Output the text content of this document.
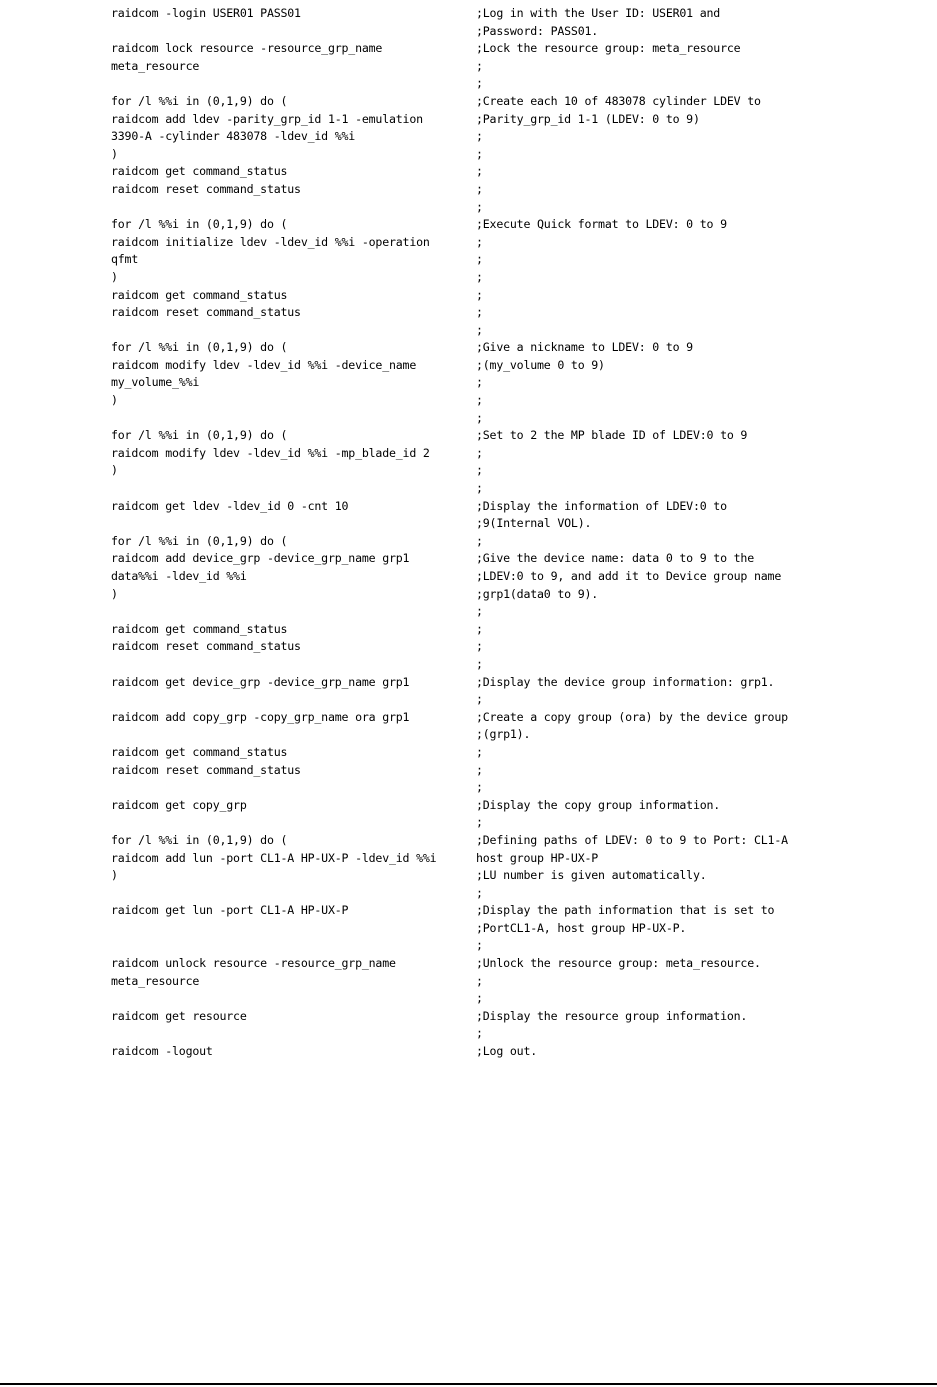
raidcom -login USER01 PASS01
raidcom lock resource -resource_grp_name
meta_resource
for /l %%i in (0,1,9) do (
raidcom add ldev -parity_grp_id 1-1 -emulation
3390-A -cylinder 483078 -ldev_id %%i
)
raidcom get command_status
raidcom reset command_status
for /l %%i in (0,1,9) do (
raidcom initialize ldev -ldev_id %%i -operation
qfmt
)
raidcom get command_status
raidcom reset command_status
for /l %%i in (0,1,9) do (
raidcom modify ldev -ldev_id %%i -device_name
my_volume_%%i
)
for /l %%i in (0,1,9) do (
raidcom modify ldev -ldev_id %%i -mp_blade_id 2
)
raidcom get ldev -ldev_id 0 -cnt 10
for /l %%i in (0,1,9) do (
raidcom add device_grp -device_grp_name grp1
data%%i -ldev_id %%i
)
raidcom get command_status
raidcom reset command_status
raidcom get device_grp -device_grp_name grp1
raidcom add copy_grp -copy_grp_name ora grp1
raidcom get command_status
raidcom reset command_status
raidcom get copy_grp
for /l %%i in (0,1,9) do (
raidcom add lun -port CL1-A HP-UX-P -ldev_id %%i
)
raidcom get lun -port CL1-A HP-UX-P
raidcom unlock resource -resource_grp_name
meta_resource
raidcom get resource
raidcom -logout
;Log in with the User ID: USER01 and
;Password: PASS01.
;Lock the resource group: meta_resource
;
;
;Create each 10 of 483078 cylinder LDEV to
;Parity_grp_id 1-1 (LDEV: 0 to 9)
;
;
;
;
;
;Execute Quick format to LDEV: 0 to 9
;
;
;
;
;
;
;Give a nickname to LDEV: 0 to 9
;(my_volume 0 to 9)
;
;
;
;Set to 2 the MP blade ID of LDEV:0 to 9
;
;
;
;Display the information of LDEV:0 to
;9(Internal VOL).
;
;Give the device name: data 0 to 9 to the
;LDEV:0 to 9, and add it to Device group name
;grp1(data0 to 9).
;
;
;
;
;Display the device group information: grp1.
;
;Create a copy group (ora) by the device group
;(grp1).
;
;
;
;Display the copy group information.
;
;Defining paths of LDEV: 0 to 9 to Port: CL1-A
host group HP-UX-P
;LU number is given automatically.
;
;Display the path information that is set to
;PortCL1-A, host group HP-UX-P.
;
;Unlock the resource group: meta_resource.
;
;
;Display the resource group information.
;
;Log out.
